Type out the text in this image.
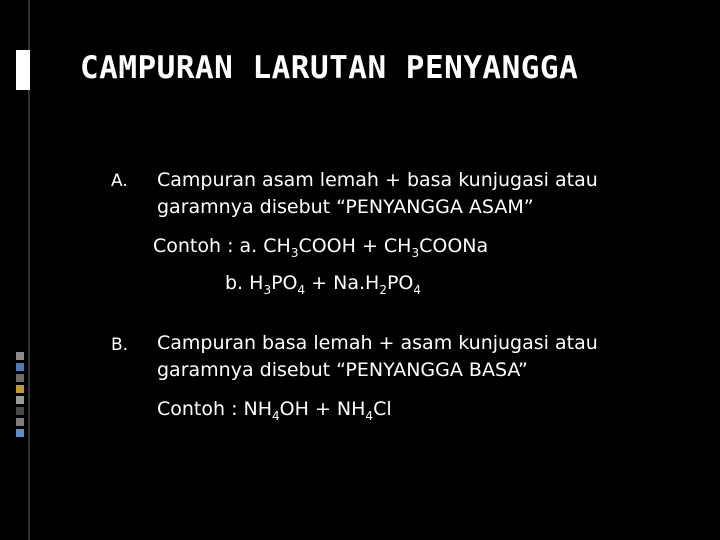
CAMPURAN LARUTAN PENYANGGA
A. Campuran asam lemah + basa kunjugasi atau
garamnya disebut “PENYANGGA ASAM”
Contoh : a. $CH_3COOH$ + $CH_3COONa$
b. $H_3PO_4 + Na.H_2PO_4$
B. Campuran basa lemah + asam kunjugasi atau
garamnya disebut “PENYANGGA BASA”
Contoh : $NH_4OH + NH_4Cl$
